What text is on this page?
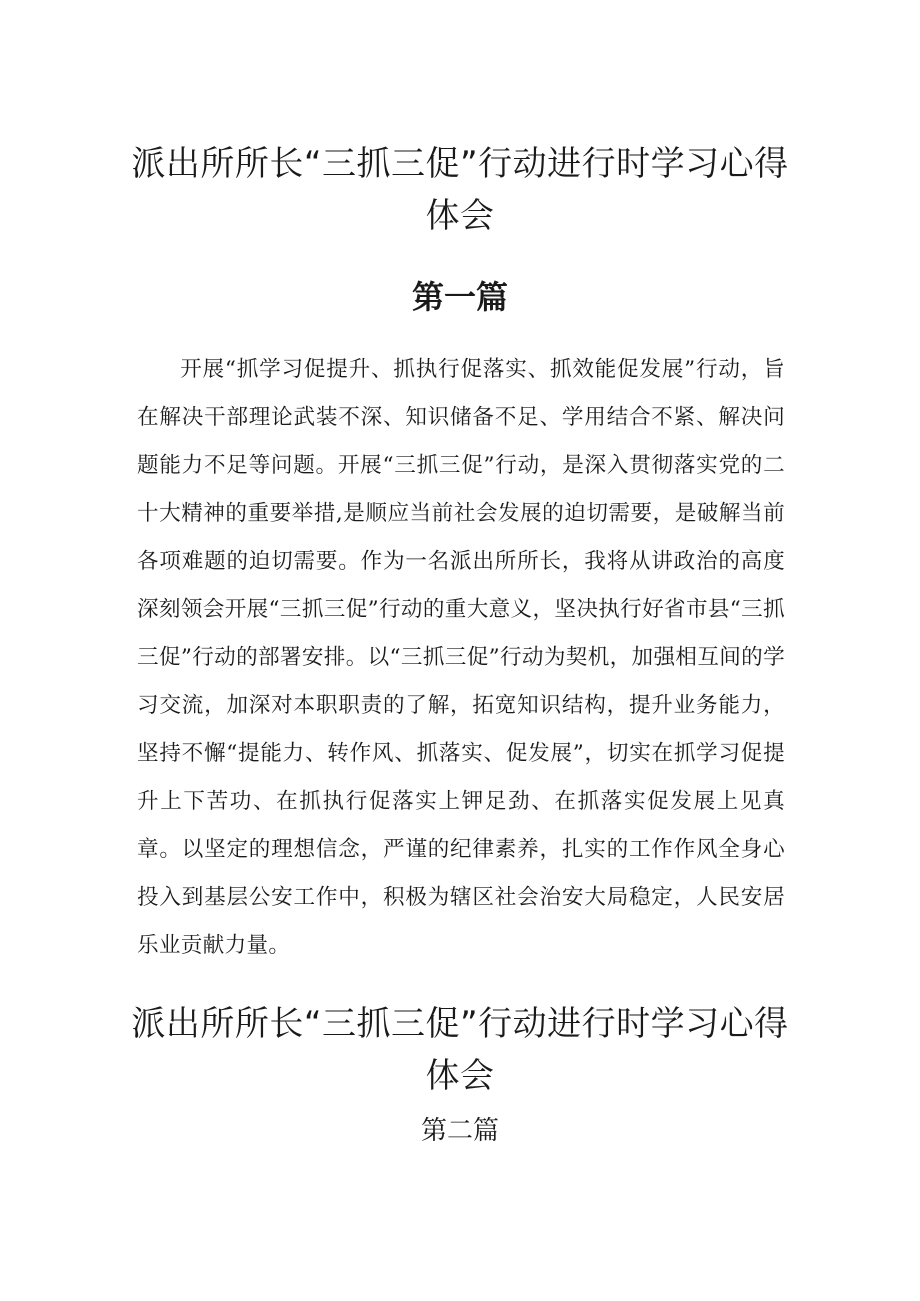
派出所所长“三抓三促”行动进行时学习心得体会
第一篇

开展“抓学习促提升、抓执行促落实、抓效能促发展”行动，旨在解决干部理论武装不深、知识储备不足、学用结合不紧、解决问题能力不足等问题。开展“三抓三促”行动，是深入贯彻落实党的二十大精神的重要举措,是顺应当前社会发展的迫切需要，是破解当前各项难题的迫切需要。作为一名派出所所长，我将从讲政治的高度深刻领会开展“三抓三促”行动的重大意义，坚决执行好省市县“三抓三促”行动的部署安排。以“三抓三促”行动为契机，加强相互间的学习交流，加深对本职职责的了解，拓宽知识结构，提升业务能力，坚持不懈“提能力、转作风、抓落实、促发展”，切实在抓学习促提升上下苦功、在抓执行促落实上钾足劲、在抓落实促发展上见真章。以坚定的理想信念，严谨的纪律素养，扎实的工作作风全身心投入到基层公安工作中，积极为辖区社会治安大局稳定，人民安居乐业贡献力量。

派出所所长“三抓三促”行动进行时学习心得体会
第二篇
